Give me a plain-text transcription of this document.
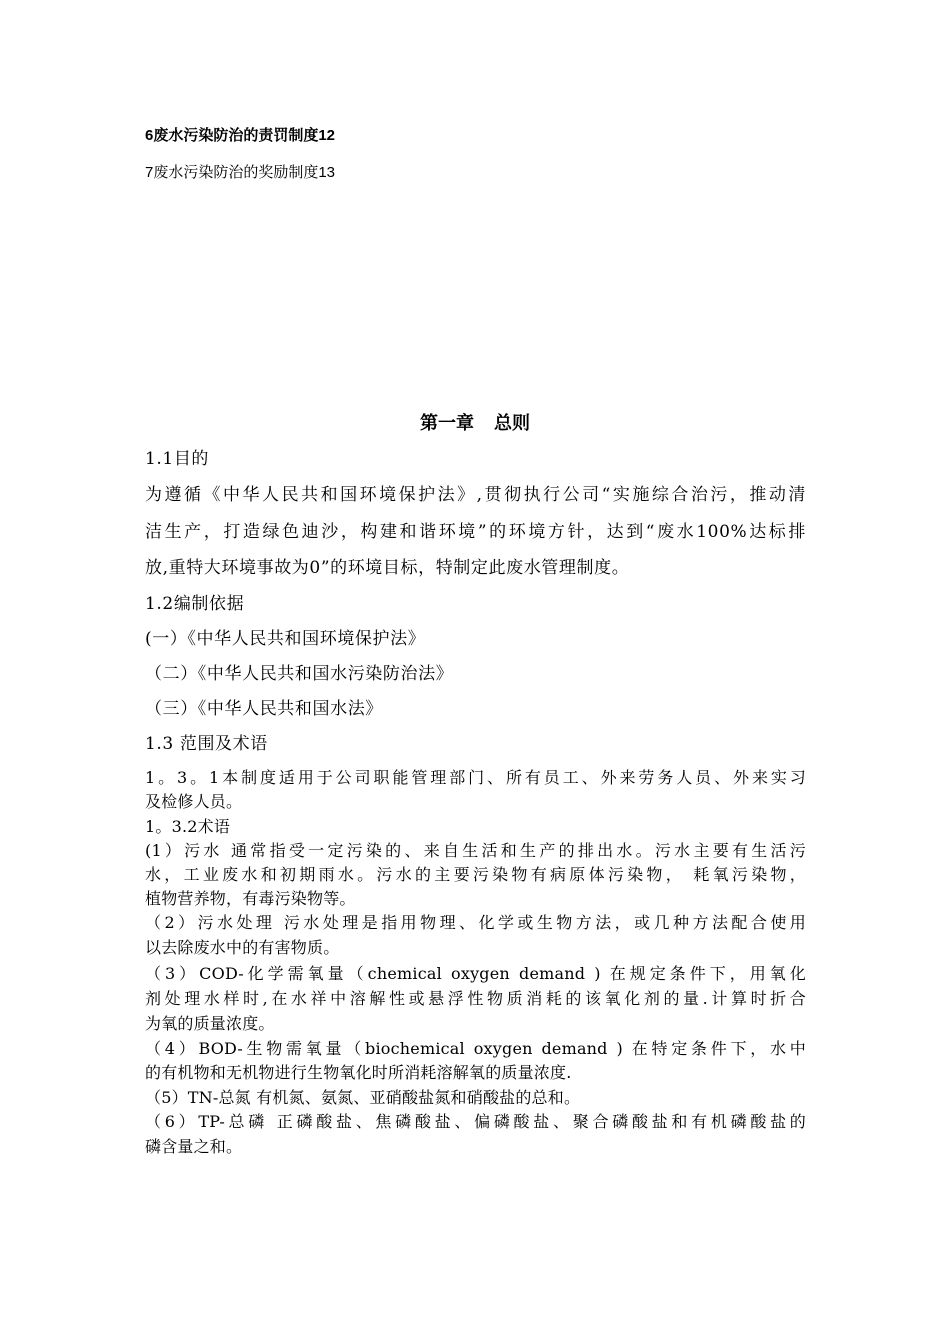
6废水污染防治的责罚制度12
7废水污染防治的奖励制度13
第一章    总则
1.1目的
为遵循《中华人民共和国环境保护法》,贯彻执行公司“实施综合治污，推动清
洁生产，打造绿色迪沙，构建和谐环境”的环境方针，达到“废水100%达标排
放,重特大环境事故为0”的环境目标，特制定此废水管理制度。
1.2编制依据
(一）《中华人民共和国环境保护法》
（二）《中华人民共和国水污染防治法》
（三）《中华人民共和国水法》
1.3 范围及术语
1。3。1本制度适用于公司职能管理部门、所有员工、外来劳务人员、外来实习
及检修人员。
1。3.2术语
(1）污水 通常指受一定污染的、来自生活和生产的排出水。污水主要有生活污
水，工业废水和初期雨水。污水的主要污染物有病原体污染物， 耗氧污染物，
植物营养物，有毒污染物等。
（2）污水处理 污水处理是指用物理、化学或生物方法，或几种方法配合使用
以去除废水中的有害物质。
（3）COD-化学需氧量（chemical oxygen demand ) 在规定条件下，用氧化
剂处理水样时,在水祥中溶解性或悬浮性物质消耗的该氧化剂的量.计算时折合
为氧的质量浓度。
（4）BOD-生物需氧量（biochemical oxygen demand ) 在特定条件下，水中
的有机物和无机物进行生物氧化时所消耗溶解氧的质量浓度.
（5）TN-总氮 有机氮、氨氮、亚硝酸盐氮和硝酸盐的总和。
（6）TP-总磷 正磷酸盐、焦磷酸盐、偏磷酸盐、聚合磷酸盐和有机磷酸盐的
磷含量之和。
